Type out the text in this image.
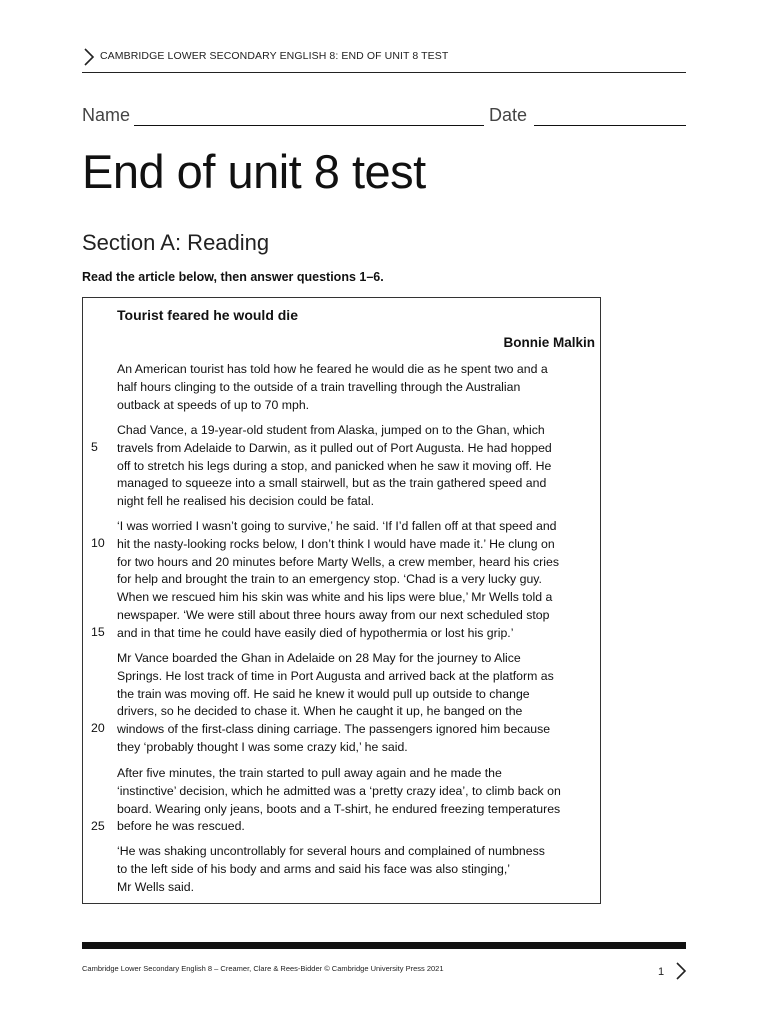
CAMBRIDGE LOWER SECONDARY ENGLISH 8: END OF UNIT 8 TEST
Name	Date
End of unit 8 test
Section A: Reading
Read the article below, then answer questions 1–6.
Tourist feared he would die
Bonnie Malkin
An American tourist has told how he feared he would die as he spent two and a
half hours clinging to the outside of a train travelling through the Australian
outback at speeds of up to 70 mph.
Chad Vance, a 19-year-old student from Alaska, jumped on to the Ghan, which
travels from Adelaide to Darwin, as it pulled out of Port Augusta. He had hopped
off to stretch his legs during a stop, and panicked when he saw it moving off. He
managed to squeeze into a small stairwell, but as the train gathered speed and
night fell he realised his decision could be fatal.
‘I was worried I wasn’t going to survive,’ he said. ‘If I’d fallen off at that speed and
hit the nasty-looking rocks below, I don’t think I would have made it.’ He clung on
for two hours and 20 minutes before Marty Wells, a crew member, heard his cries
for help and brought the train to an emergency stop. ‘Chad is a very lucky guy.
When we rescued him his skin was white and his lips were blue,’ Mr Wells told a
newspaper. ‘We were still about three hours away from our next scheduled stop
and in that time he could have easily died of hypothermia or lost his grip.’
Mr Vance boarded the Ghan in Adelaide on 28 May for the journey to Alice
Springs. He lost track of time in Port Augusta and arrived back at the platform as
the train was moving off. He said he knew it would pull up outside to change
drivers, so he decided to chase it. When he caught it up, he banged on the
windows of the first-class dining carriage. The passengers ignored him because
they ‘probably thought I was some crazy kid,’ he said.
After five minutes, the train started to pull away again and he made the
‘instinctive’ decision, which he admitted was a ‘pretty crazy idea’, to climb back on
board. Wearing only jeans, boots and a T-shirt, he endured freezing temperatures
before he was rescued.
‘He was shaking uncontrollably for several hours and complained of numbness
to the left side of his body and arms and said his face was also stinging,’
Mr Wells said.
5
10
15
20
25
Cambridge Lower Secondary English 8 – Creamer, Clare & Rees-Bidder © Cambridge University Press 2021	1
